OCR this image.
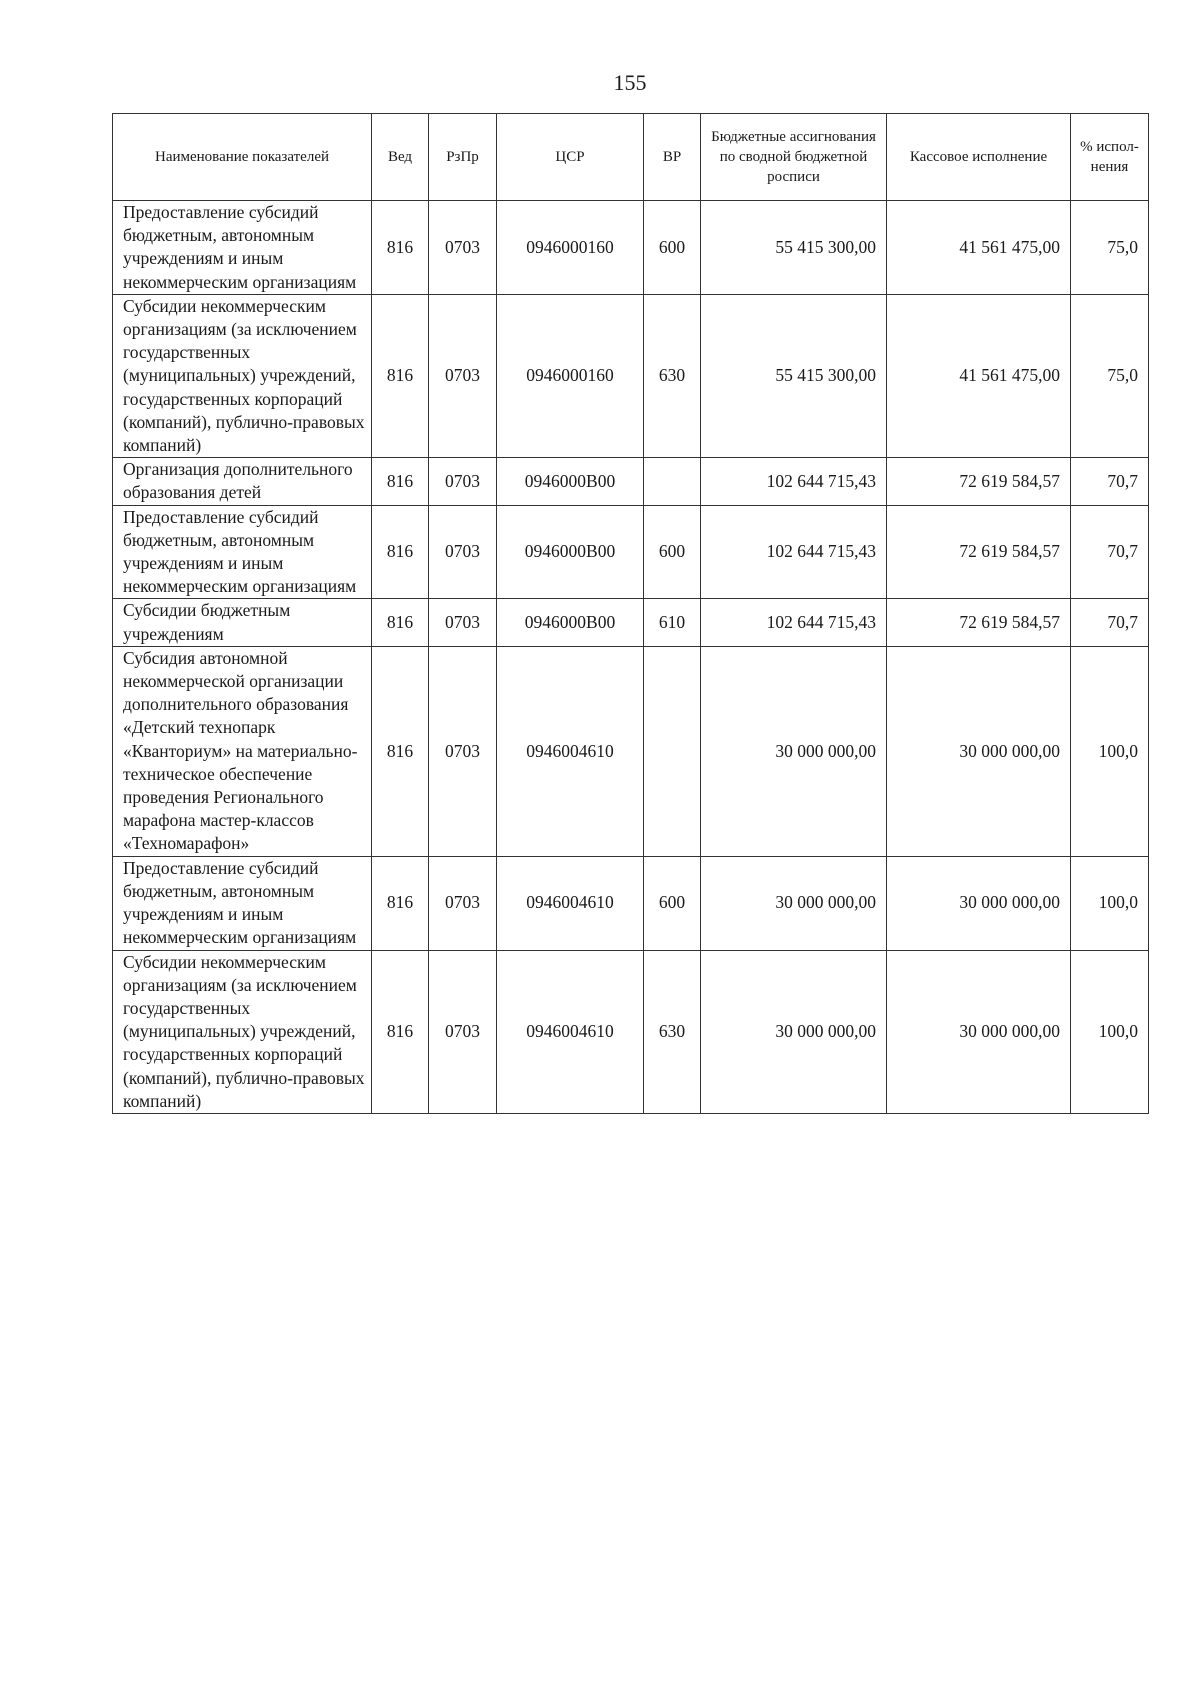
155
Наименование показателей	Вед	РзПр	ЦСР	ВР	Бюджетные ассигнования по сводной бюджетной росписи	Кассовое исполнение	% испол-нения
Предоставление субсидий бюджетным, автономным учреждениям и иным некоммерческим организациям	816	0703	0946000160	600	55 415 300,00	41 561 475,00	75,0
Субсидии некоммерческим организациям (за исключением государственных (муниципальных) учреждений, государственных корпораций (компаний), публично-правовых компаний)	816	0703	0946000160	630	55 415 300,00	41 561 475,00	75,0
Организация дополнительного образования детей	816	0703	0946000В00		102 644 715,43	72 619 584,57	70,7
Предоставление субсидий бюджетным, автономным учреждениям и иным некоммерческим организациям	816	0703	0946000В00	600	102 644 715,43	72 619 584,57	70,7
Субсидии бюджетным учреждениям	816	0703	0946000В00	610	102 644 715,43	72 619 584,57	70,7
Субсидия автономной некоммерческой организации дополнительного образования «Детский технопарк «Кванториум» на материально-техническое обеспечение проведения Регионального марафона мастер-классов «Техномарафон»	816	0703	0946004610		30 000 000,00	30 000 000,00	100,0
Предоставление субсидий бюджетным, автономным учреждениям и иным некоммерческим организациям	816	0703	0946004610	600	30 000 000,00	30 000 000,00	100,0
Субсидии некоммерческим организациям (за исключением государственных (муниципальных) учреждений, государственных корпораций (компаний), публично-правовых компаний)	816	0703	0946004610	630	30 000 000,00	30 000 000,00	100,0
